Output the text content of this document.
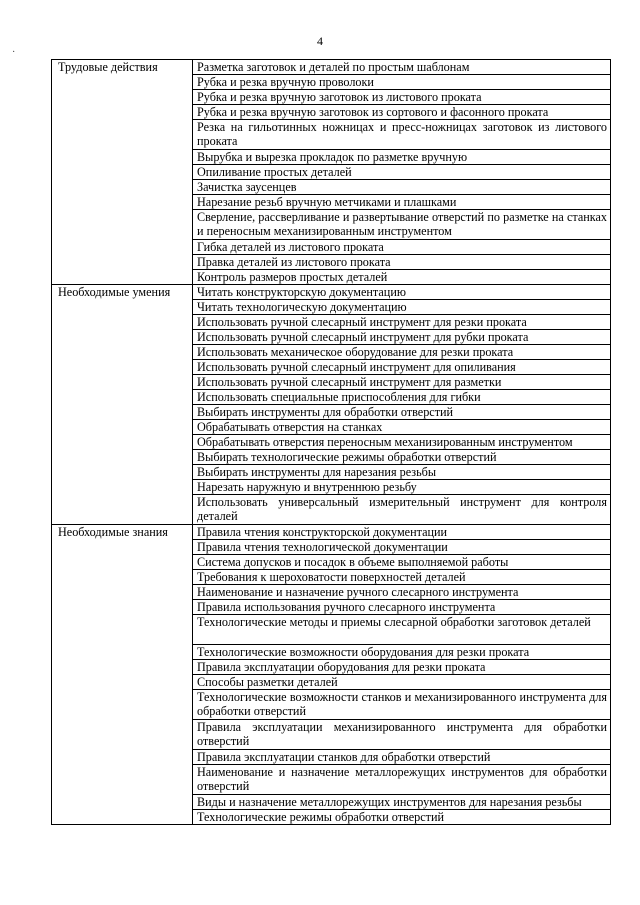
4
·
Трудовые действия	Разметка заготовок и деталей по простым шаблонам
	Рубка и резка вручную проволоки
	Рубка и резка вручную заготовок из листового проката
	Рубка и резка вручную заготовок из сортового и фасонного проката
	Резка на гильотинных ножницах и пресс-ножницах заготовок из листового проката
	Вырубка и вырезка прокладок по разметке вручную
	Опиливание простых деталей
	Зачистка заусенцев
	Нарезание резьб вручную метчиками и плашками
	Сверление, рассверливание и развертывание отверстий по разметке на станках и переносным механизированным инструментом
	Гибка деталей из листового проката
	Правка деталей из листового проката
	Контроль размеров простых деталей
Необходимые умения	Читать конструкторскую документацию
	Читать технологическую документацию
	Использовать ручной слесарный инструмент для резки проката
	Использовать ручной слесарный инструмент для рубки проката
	Использовать механическое оборудование для резки проката
	Использовать ручной слесарный инструмент для опиливания
	Использовать ручной слесарный инструмент для разметки
	Использовать специальные приспособления для гибки
	Выбирать инструменты для обработки отверстий
	Обрабатывать отверстия на станках
	Обрабатывать отверстия переносным механизированным инструментом
	Выбирать технологические режимы обработки отверстий
	Выбирать инструменты для нарезания резьбы
	Нарезать наружную и внутреннюю резьбу
	Использовать универсальный измерительный инструмент для контроля деталей
Необходимые знания	Правила чтения конструкторской документации
	Правила чтения технологической документации
	Система допусков и посадок в объеме выполняемой работы
	Требования к шероховатости поверхностей деталей
	Наименование и назначение ручного слесарного инструмента
	Правила использования ручного слесарного инструмента
	Технологические методы и приемы слесарной обработки заготовок деталей
	Технологические возможности оборудования для резки проката
	Правила эксплуатации оборудования для резки проката
	Способы разметки деталей
	Технологические возможности станков и механизированного инструмента для обработки отверстий
	Правила эксплуатации механизированного инструмента для обработки отверстий
	Правила эксплуатации станков для обработки отверстий
	Наименование и назначение металлорежущих инструментов для обработки отверстий
	Виды и назначение металлорежущих инструментов для нарезания резьбы
	Технологические режимы обработки отверстий
